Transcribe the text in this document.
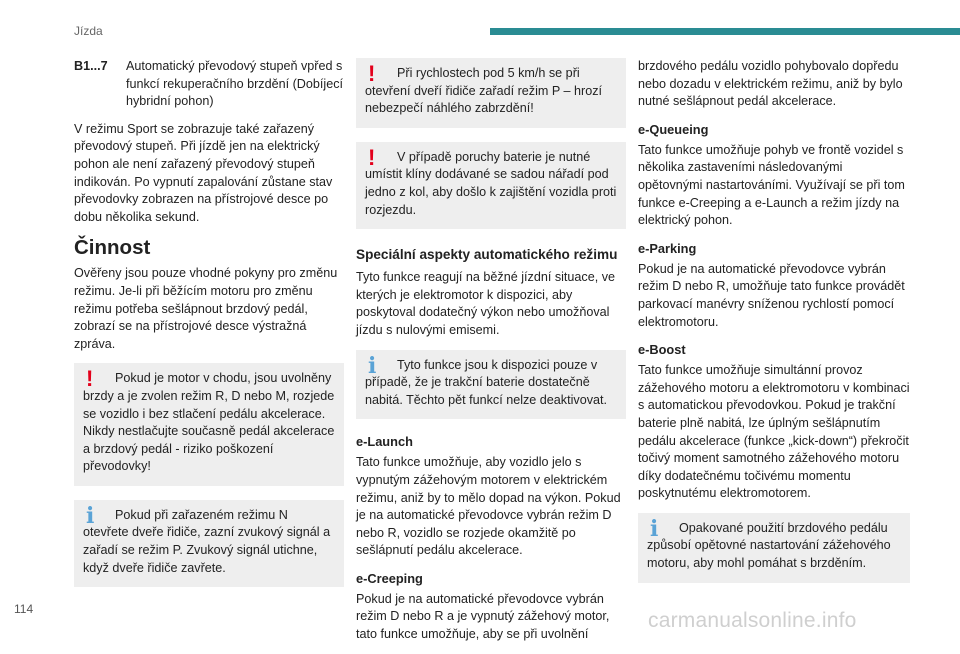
Jízda
B1...7	Automatický převodový stupeň vpřed s funkcí rekuperačního brzdění (Dobíjecí hybridní pohon)

V režimu Sport se zobrazuje také zařazený převodový stupeň. Při jízdě jen na elektrický pohon ale není zařazený převodový stupeň indikován. Po vypnutí zapalování zůstane stav převodovky zobrazen na přístrojové desce po dobu několika sekund.

Činnost

Ověřeny jsou pouze vhodné pokyny pro změnu režimu. Je-li při běžícím motoru pro změnu režimu potřeba sešlápnout brzdový pedál, zobrazí se na přístrojové desce výstražná zpráva.

!	Pokud je motor v chodu, jsou uvolněny brzdy a je zvolen režim R, D nebo M, rozjede se vozidlo i bez stlačení pedálu akcelerace. Nikdy nestlačujte současně pedál akcelerace a brzdový pedál - riziko poškození převodovky!
i	Pokud při zařazeném režimu N otevřete dveře řidiče, zazní zvukový signál a zařadí se režim P. Zvukový signál utichne, když dveře řidiče zavřete.
!	Při rychlostech pod 5 km/h se při otevření dveří řidiče zařadí režim P – hrozí nebezpečí náhlého zabrzdění!
!	V případě poruchy baterie je nutné umístit klíny dodávané se sadou nářadí pod jedno z kol, aby došlo k zajištění vozidla proti rozjezdu.
Speciální aspekty automatického režimu

Tyto funkce reagují na běžné jízdní situace, ve kterých je elektromotor k dispozici, aby poskytoval dodatečný výkon nebo umožňoval jízdu s nulovými emisemi.

i	Tyto funkce jsou k dispozici pouze v případě, že je trakční baterie dostatečně nabitá. Těchto pět funkcí nelze deaktivovat.
e-Launch

Tato funkce umožňuje, aby vozidlo jelo s vypnutým zážehovým motorem v elektrickém režimu, aniž by to mělo dopad na výkon. Pokud je na automatické převodovce vybrán režim D nebo R, vozidlo se rozjede okamžitě po sešlápnutí pedálu akcelerace.

e-Creeping

Pokud je na automatické převodovce vybrán režim D nebo R a je vypnutý zážehový motor, tato funkce umožňuje, aby se při uvolnění

brzdového pedálu vozidlo pohybovalo dopředu nebo dozadu v elektrickém režimu, aniž by bylo nutné sešlápnout pedál akcelerace.

e-Queueing

Tato funkce umožňuje pohyb ve frontě vozidel s několika zastaveními následovanými opětovnými nastartováními. Využívají se při tom funkce e-Creeping a e-Launch a režim jízdy na elektrický pohon.

e-Parking

Pokud je na automatické převodovce vybrán režim D nebo R, umožňuje tato funkce provádět parkovací manévry sníženou rychlostí pomocí elektromotoru.

e-Boost

Tato funkce umožňuje simultánní provoz zážehového motoru a elektromotoru v kombinaci s automatickou převodovkou. Pokud je trakční baterie plně nabitá, lze úplným sešlápnutím pedálu akcelerace (funkce „kick-down“) překročit točivý moment samotného zážehového motoru díky dodatečnému točivému momentu poskytnutému elektromotorem.

i	Opakované použití brzdového pedálu způsobí opětovné nastartování zážehového motoru, aby mohl pomáhat s brzděním.
114	carmanualsonline.info
